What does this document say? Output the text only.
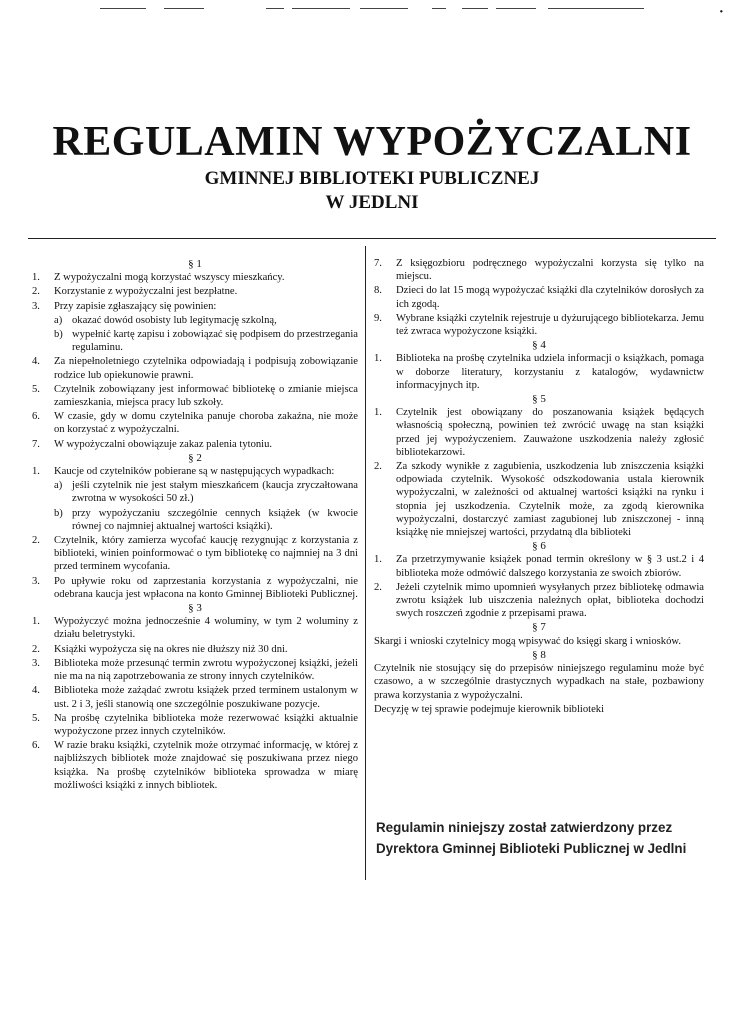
·
REGULAMIN WYPOŻYCZALNI
GMINNEJ BIBLIOTEKI PUBLICZNEJ
W JEDLNI
§ 1
1.	Z wypożyczalni mogą korzystać wszyscy mieszkańcy.
2.	Korzystanie z wypożyczalni jest bezpłatne.
3.	Przy zapisie zgłaszający się powinien:
a) okazać dowód osobisty lub legitymację szkolną,
b) wypełnić kartę zapisu i zobowiązać się podpisem do przestrzegania regulaminu.
4.	Za niepełnoletniego czytelnika odpowiadają i podpisują zobowiązanie rodzice lub opiekunowie prawni.
5.	Czytelnik zobowiązany jest informować bibliotekę o zmianie miejsca zamieszkania, miejsca pracy lub szkoły.
6.	W czasie, gdy w domu czytelnika panuje choroba zakaźna, nie może on korzystać z wypożyczalni.
7.	W wypożyczalni obowiązuje zakaz palenia tytoniu.
§ 2
1.	Kaucje od czytelników pobierane są w następujących wypadkach:
a) jeśli czytelnik nie jest stałym mieszkańcem (kaucja zryczałtowana zwrotna w wysokości 50 zł.)
b) przy wypożyczaniu szczególnie cennych książek (w kwocie równej co najmniej aktualnej wartości książki).
2.	Czytelnik, który zamierza wycofać kaucję rezygnując z korzystania z biblioteki, winien poinformować o tym bibliotekę co najmniej na 3 dni przed terminem wycofania.
3.	Po upływie roku od zaprzestania korzystania z wypożyczalni, nie odebrana kaucja jest wpłacona na konto Gminnej Biblioteki Publicznej.
§ 3
1.	Wypożyczyć można jednocześnie 4 woluminy, w tym 2 woluminy z działu beletrystyki.
2.	Książki wypożycza się na okres nie dłuższy niż 30 dni.
3.	Biblioteka może przesunąć termin zwrotu wypożyczonej książki, jeżeli nie ma na nią zapotrzebowania ze strony innych czytelników.
4.	Biblioteka może zażądać zwrotu książek przed terminem ustalonym w ust. 2 i 3, jeśli stanowią one szczególnie poszukiwane pozycje.
5.	Na prośbę czytelnika biblioteka może rezerwować książki aktualnie wypożyczone przez innych czytelników.
6.	W razie braku książki, czytelnik może otrzymać informację, w której z najbliższych bibliotek może znajdować się poszukiwana przez niego książka. Na prośbę czytelników biblioteka sprowadza w miarę możliwości książki z innych bibliotek.
7.	Z księgozbioru podręcznego wypożyczalni korzysta się tylko na miejscu.
8.	Dzieci do lat 15 mogą wypożyczać książki dla czytelników dorosłych za ich zgodą.
9.	Wybrane książki czytelnik rejestruje u dyżurującego bibliotekarza. Jemu też zwraca wypożyczone książki.
§ 4
1.	Biblioteka na prośbę czytelnika udziela informacji o książkach, pomaga w doborze literatury, korzystaniu z katalogów, wydawnictw informacyjnych itp.
§ 5
1.	Czytelnik jest obowiązany do poszanowania książek będących własnością społeczną, powinien też zwrócić uwagę na stan książki przed jej wypożyczeniem. Zauważone uszkodzenia należy zgłosić bibliotekarzowi.
2.	Za szkody wynikłe z zagubienia, uszkodzenia lub zniszczenia książki odpowiada czytelnik. Wysokość odszkodowania ustala kierownik wypożyczalni, w zależności od aktualnej wartości książki na rynku i stopnia jej uszkodzenia. Czytelnik może, za zgodą kierownika wypożyczalni, dostarczyć zamiast zagubionej lub zniszczonej - inną książkę nie mniejszej wartości, przydatną dla biblioteki
§ 6
1.	Za przetrzymywanie książek ponad termin określony w § 3 ust.2 i 4 biblioteka może odmówić dalszego korzystania ze swoich zbiorów.
2.	Jeżeli czytelnik mimo upomnień wysyłanych przez bibliotekę odmawia zwrotu książek lub uiszczenia należnych opłat, biblioteka dochodzi swych roszczeń zgodnie z przepisami prawa.
§ 7
Skargi i wnioski czytelnicy mogą wpisywać do księgi skarg i wniosków.
§ 8
Czytelnik nie stosujący się do przepisów niniejszego regulaminu może być czasowo, a w szczególnie drastycznych wypadkach na stałe, pozbawiony prawa korzystania z wypożyczalni.
Decyzję w tej sprawie podejmuje kierownik biblioteki

Regulamin niniejszy został zatwierdzony przez

Dyrektora Gminnej Biblioteki Publicznej w Jedlni
